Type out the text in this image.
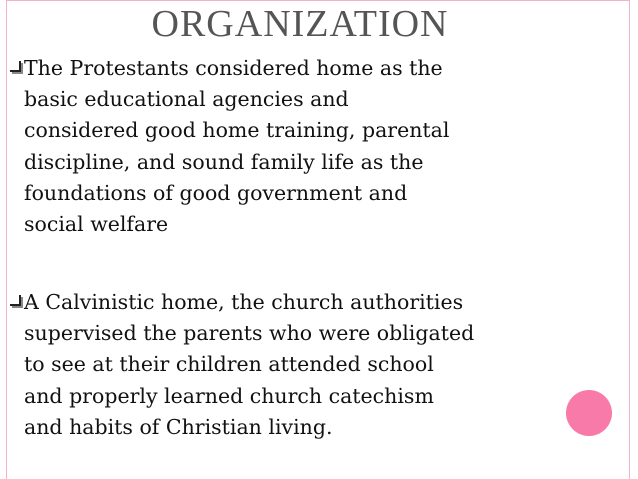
ORGANIZATION
The Protestants considered home as the
basic educational agencies and
considered good home training, parental
discipline, and sound family life as the
foundations of good government and
social welfare
A Calvinistic home, the church authorities
supervised the parents who were obligated
to see at their children attended school
and properly learned church catechism
and habits of Christian living.
